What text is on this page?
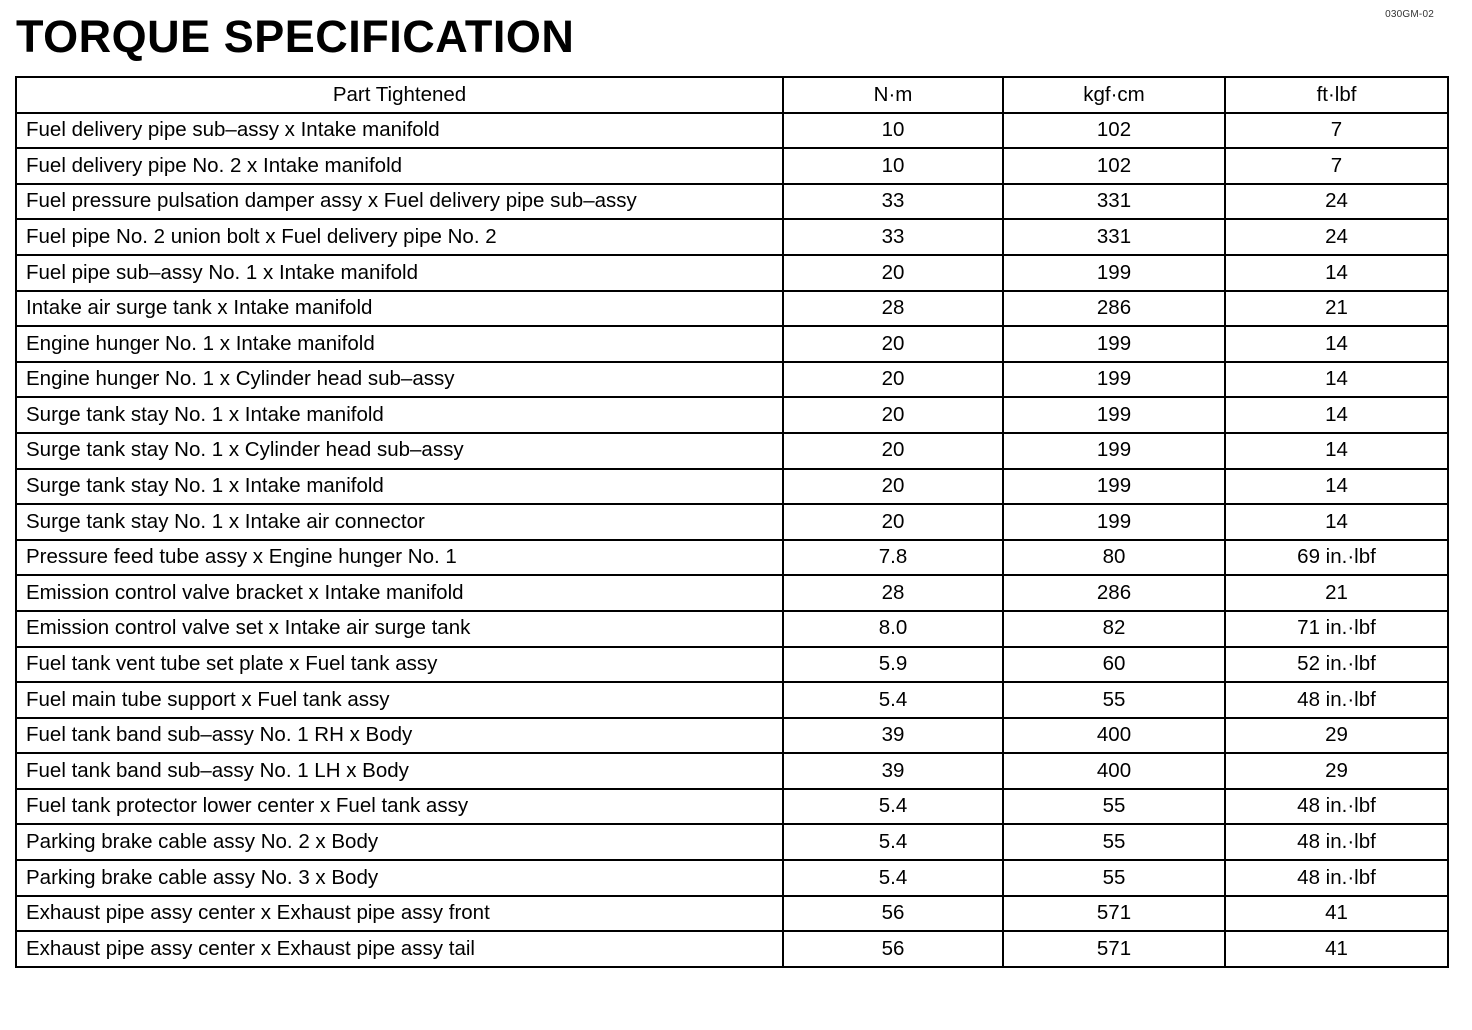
030GM-02
TORQUE SPECIFICATION
Part Tightened	N·m	kgf·cm	ft·lbf
Fuel delivery pipe sub–assy x Intake manifold	10	102	7
Fuel delivery pipe No. 2 x Intake manifold	10	102	7
Fuel pressure pulsation damper assy x Fuel delivery pipe sub–assy	33	331	24
Fuel pipe No. 2 union bolt x Fuel delivery pipe No. 2	33	331	24
Fuel pipe sub–assy No. 1 x Intake manifold	20	199	14
Intake air surge tank x Intake manifold	28	286	21
Engine hunger No. 1 x Intake manifold	20	199	14
Engine hunger No. 1 x Cylinder head sub–assy	20	199	14
Surge tank stay No. 1 x Intake manifold	20	199	14
Surge tank stay No. 1 x Cylinder head sub–assy	20	199	14
Surge tank stay No. 1 x Intake manifold	20	199	14
Surge tank stay No. 1 x Intake air connector	20	199	14
Pressure feed tube assy x Engine hunger No. 1	7.8	80	69 in.·lbf
Emission control valve bracket x Intake manifold	28	286	21
Emission control valve set x Intake air surge tank	8.0	82	71 in.·lbf
Fuel tank vent tube set plate x Fuel tank assy	5.9	60	52 in.·lbf
Fuel main tube support x Fuel tank assy	5.4	55	48 in.·lbf
Fuel tank band sub–assy No. 1 RH x Body	39	400	29
Fuel tank band sub–assy No. 1 LH x Body	39	400	29
Fuel tank protector lower center x Fuel tank assy	5.4	55	48 in.·lbf
Parking brake cable assy No. 2 x Body	5.4	55	48 in.·lbf
Parking brake cable assy No. 3 x Body	5.4	55	48 in.·lbf
Exhaust pipe assy center x Exhaust pipe assy front	56	571	41
Exhaust pipe assy center x Exhaust pipe assy tail	56	571	41
